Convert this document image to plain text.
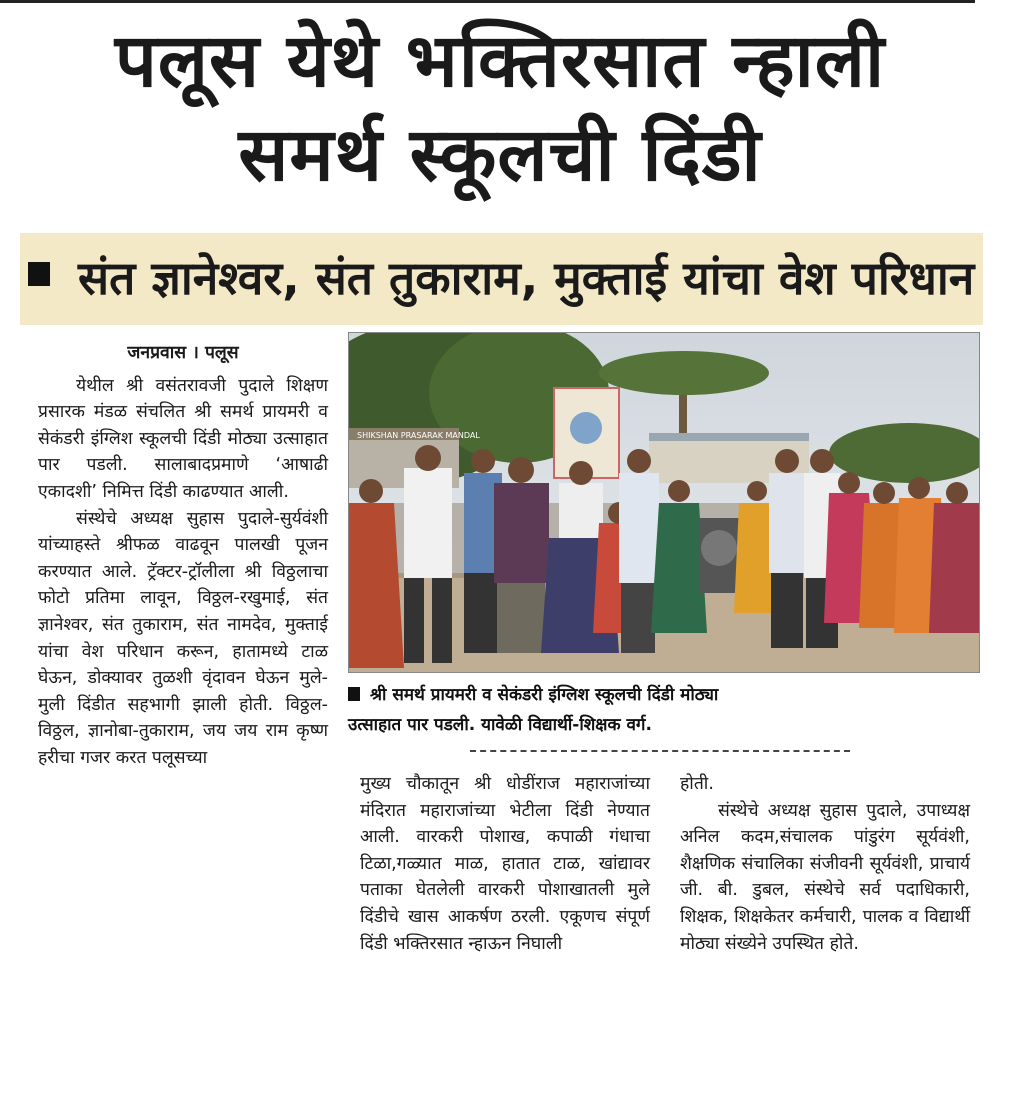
पलूस येथे भक्तिरसात न्हाली
समर्थ स्कूलची दिंडी
संत ज्ञानेश्वर, संत तुकाराम, मुक्ताई यांचा वेश परिधान
जनप्रवास । पलूस

येथील श्री वसंतरावजी पुदाले शिक्षण प्रसारक मंडळ संचलित श्री समर्थ प्रायमरी व सेकंडरी इंग्लिश स्कूलची दिंडी मोठ्या उत्साहात पार पडली. सालाबादप्रमाणे ‘आषाढी एकादशी’ निमित्त दिंडी काढण्यात आली.

संस्थेचे अध्यक्ष सुहास पुदाले-सुर्यवंशी यांच्याहस्ते श्रीफळ वाढवून पालखी पूजन करण्यात आले. ट्रॅक्टर-ट्रॉलीला श्री विठ्ठलाचा फोटो प्रतिमा लावून, विठ्ठल-रखुमाई, संत ज्ञानेश्वर, संत तुकाराम, संत नामदेव, मुक्ताई यांचा वेश परिधान करून, हातामध्ये टाळ घेऊन, डोक्यावर तुळशी वृंदावन घेऊन मुले-मुली दिंडीत सहभागी झाली होती. विठ्ठल-विठ्ठल, ज्ञानोबा-तुकाराम, जय जय राम कृष्ण हरीचा गजर करत पलूसच्या

SHIKSHAN PRASARAK MANDAL
श्री समर्थ प्रायमरी व सेकंडरी इंग्लिश स्कूलची दिंडी मोठ्या
उत्साहात पार पडली. यावेळी विद्यार्थी-शिक्षक वर्ग.

मुख्य चौकातून श्री धोडींराज महाराजांच्या मंदिरात महाराजांच्या भेटीला दिंडी नेण्यात आली. वारकरी पोशाख, कपाळी गंधाचा टिळा,गळ्यात माळ, हातात टाळ, खांद्यावर पताका घेतलेली वारकरी पोशाखातली मुले दिंडीचे खास आकर्षण ठरली. एकूणच संपूर्ण दिंडी भक्तिरसात न्हाऊन निघाली

होती.

संस्थेचे अध्यक्ष सुहास पुदाले, उपाध्यक्ष अनिल कदम,संचालक पांडुरंग सूर्यवंशी, शैक्षणिक संचालिका संजीवनी सूर्यवंशी, प्राचार्य जी. बी. डुबल, संस्थेचे सर्व पदाधिकारी, शिक्षक, शिक्षकेतर कर्मचारी, पालक व विद्यार्थी मोठ्या संख्येने उपस्थित होते.
